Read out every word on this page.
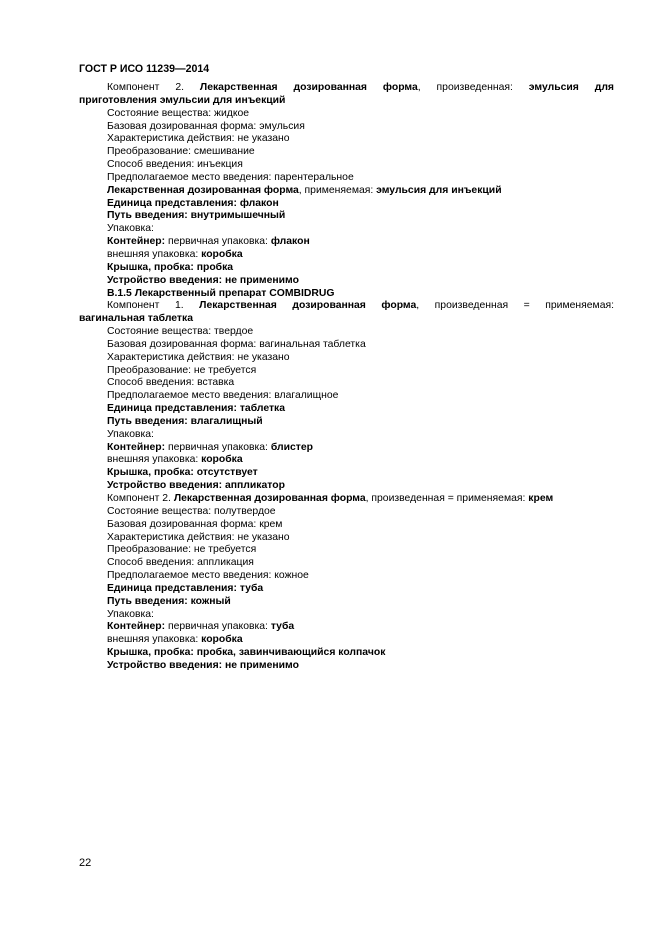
ГОСТ Р ИСО 11239—2014
Компонент 2. Лекарственная дозированная форма, произведенная: эмульсия для
приготовления эмульсии для инъекций
Состояние вещества: жидкое
Базовая дозированная форма: эмульсия
Характеристика действия: не указано
Преобразование: смешивание
Способ введения: инъекция
Предполагаемое место введения: парентеральное
Лекарственная дозированная форма, применяемая: эмульсия для инъекций
Единица представления: флакон
Путь введения: внутримышечный
Упаковка:
Контейнер: первичная упаковка: флакон
внешняя упаковка: коробка
Крышка, пробка: пробка
Устройство введения: не применимо
В.1.5 Лекарственный препарат COMBIDRUG
Компонент 1. Лекарственная дозированная форма, произведенная = применяемая:
вагинальная таблетка
Состояние вещества: твердое
Базовая дозированная форма: вагинальная таблетка
Характеристика действия: не указано
Преобразование: не требуется
Способ введения: вставка
Предполагаемое место введения: влагалищное
Единица представления: таблетка
Путь введения: влагалищный
Упаковка:
Контейнер: первичная упаковка: блистер
внешняя упаковка: коробка
Крышка, пробка: отсутствует
Устройство введения: аппликатор
Компонент 2. Лекарственная дозированная форма, произведенная = применяемая: крем
Состояние вещества: полутвердое
Базовая дозированная форма: крем
Характеристика действия: не указано
Преобразование: не требуется
Способ введения: аппликация
Предполагаемое место введения: кожное
Единица представления: туба
Путь введения: кожный
Упаковка:
Контейнер: первичная упаковка: туба
внешняя упаковка: коробка
Крышка, пробка: пробка, завинчивающийся колпачок
Устройство введения: не применимо
22
